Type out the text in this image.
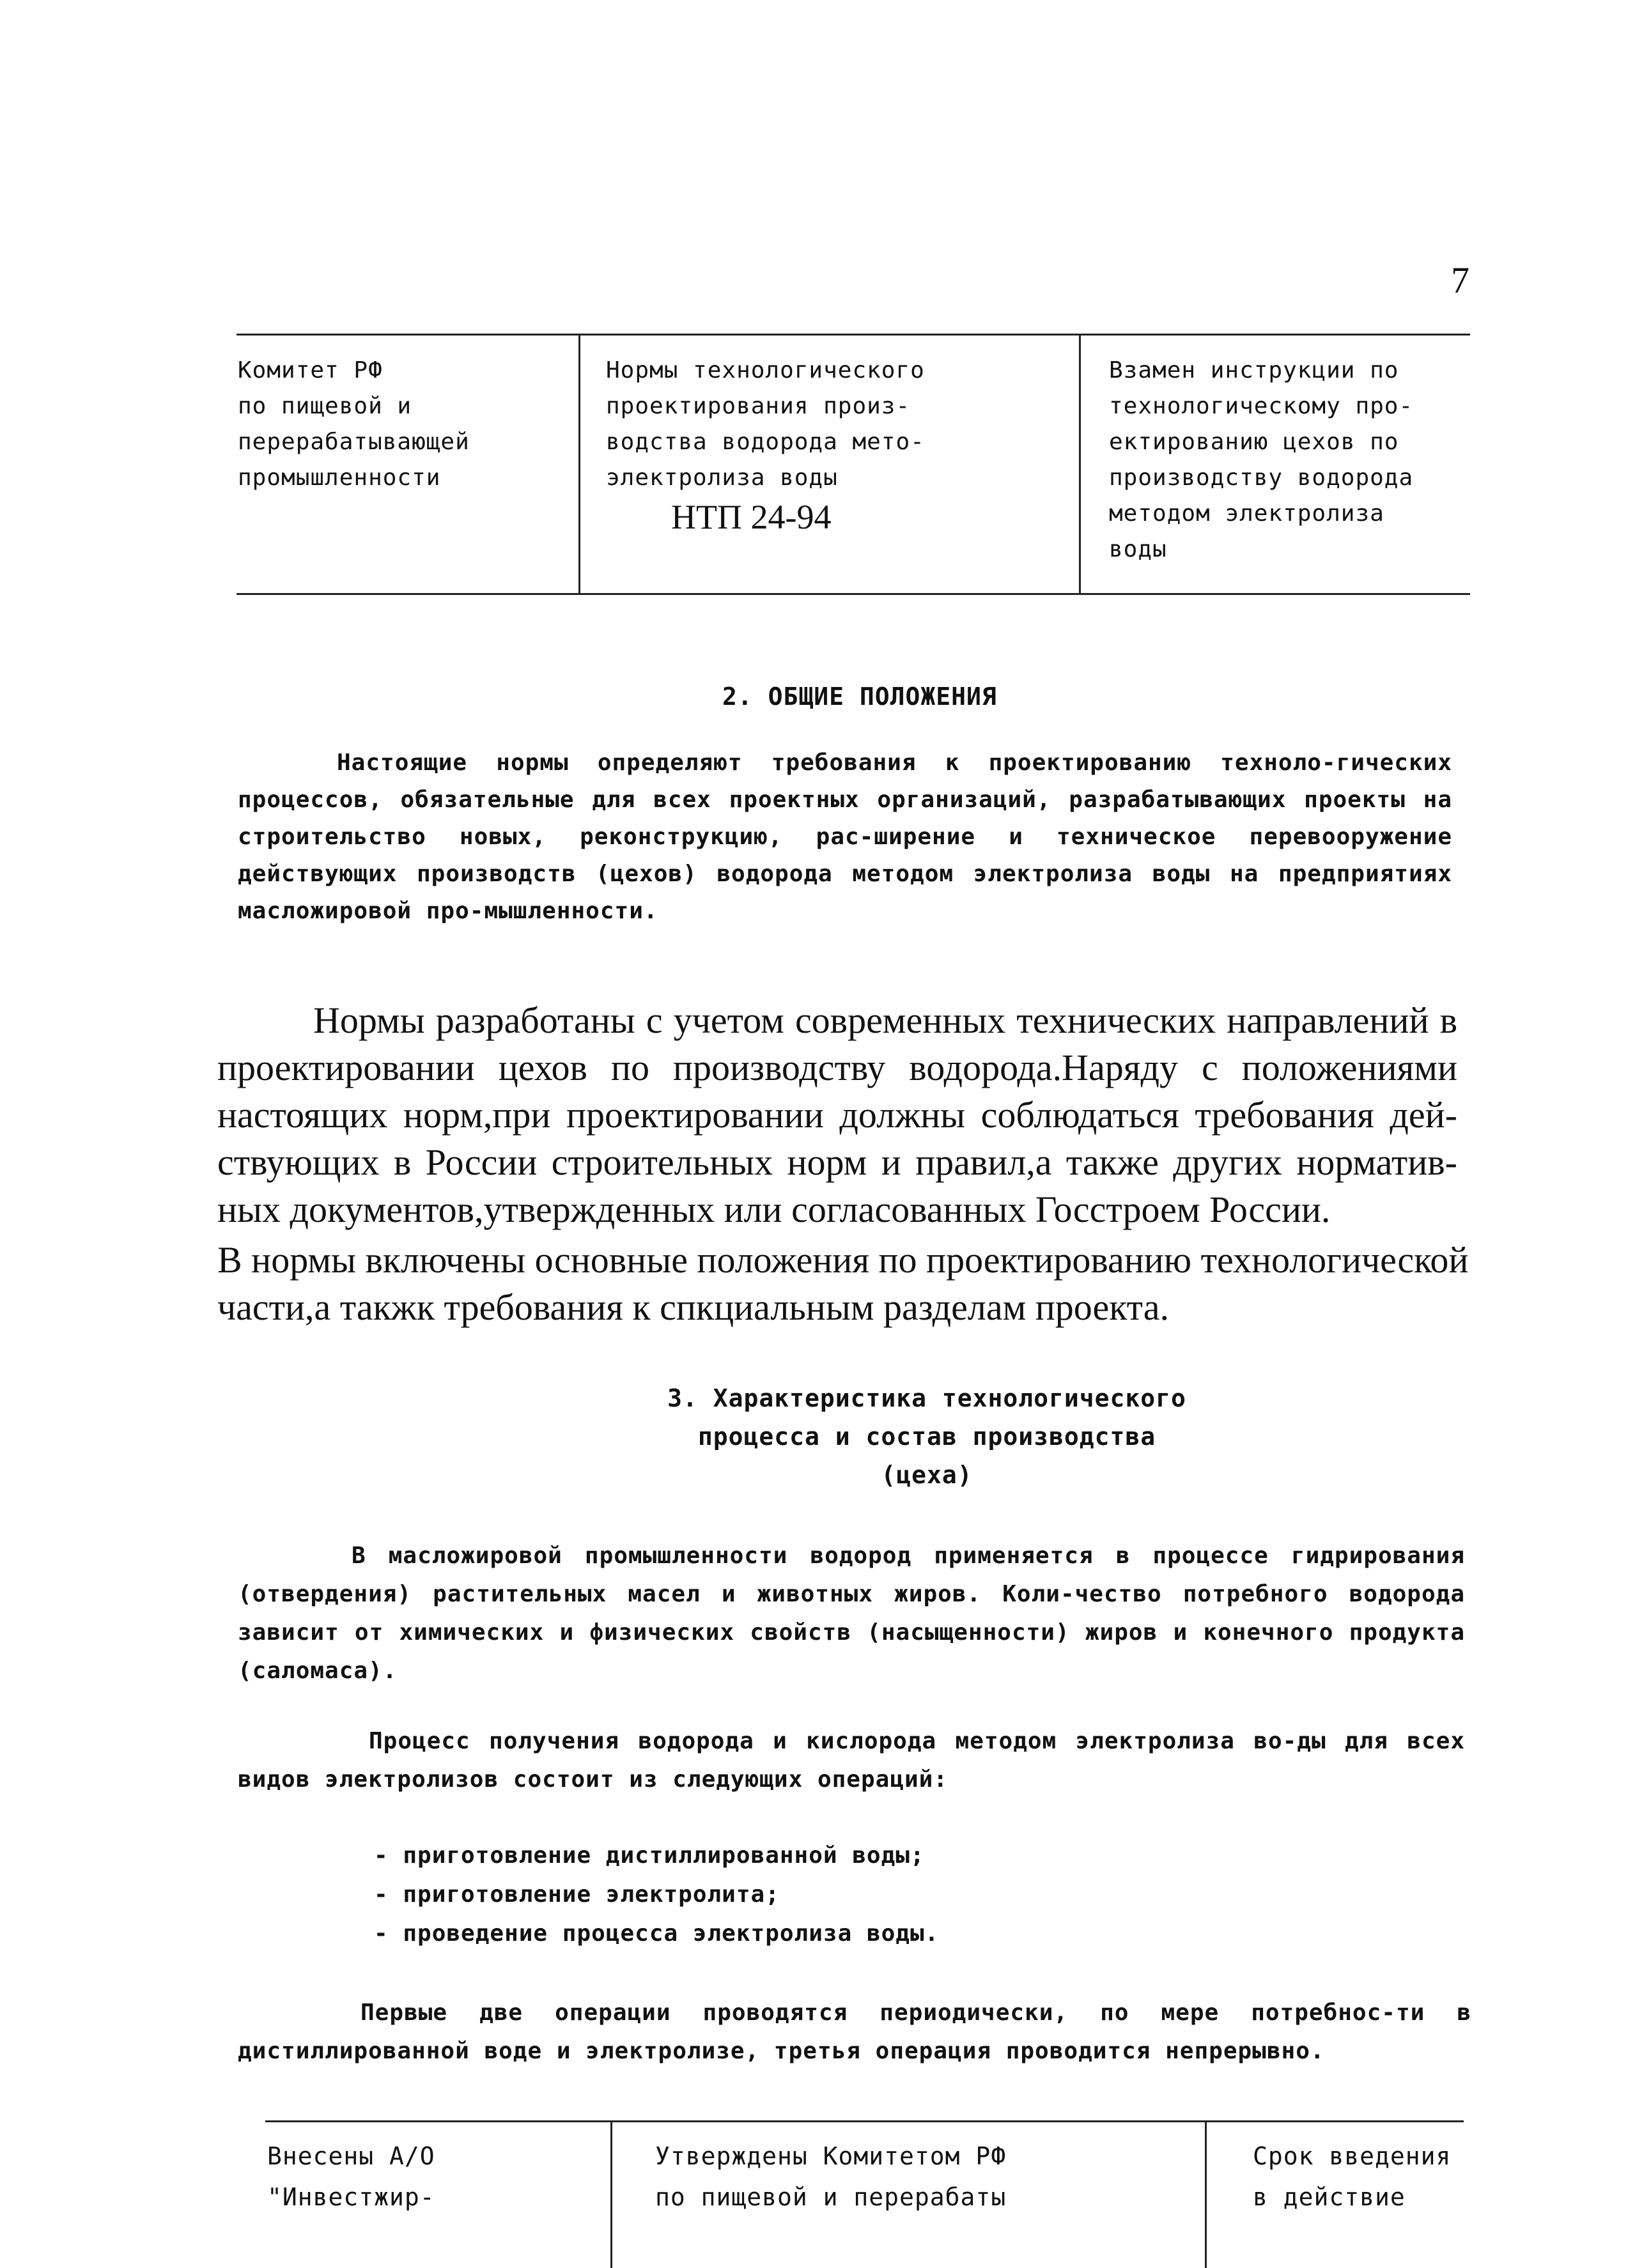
7
Комитет РФ
по пищевой и
перерабатывающей
промышленности
Нормы технологического
проектирования произ-
водства водорода мето-
электролиза воды
НТП 24-94
Взамен инструкции по
технологическому про-
ектированию цехов по
производству водорода
методом электролиза
воды
2. ОБЩИЕ ПОЛОЖЕНИЯ
Настоящие нормы определяют требования к проектированию техноло-гических процессов, обязательные для всех проектных организаций, разрабатывающих проекты на строительство новых, реконструкцию, рас-ширение и техническое перевооружение действующих производств (цехов) водорода методом электролиза воды на предприятиях масложировой про-мышленности.
Нормы разработаны с учетом современных технических направлений в проектировании цехов по производству водорода.Наряду с положениями настоящих норм,при проектировании должны соблюдаться требования дей-ствующих в России строительных норм и правил,а также других норматив-ных документов,утвержденных или согласованных Госстроем России.
В нормы включены основные положения по проектированию технологической части,а такжк требования к спкциальным разделам проекта.
3. Характеристика технологического
процесса и состав производства
(цеха)
В масложировой промышленности водород применяется в процессе гидрирования (отвердения) растительных масел и животных жиров. Коли-чество потребного водорода зависит от химических и физических свойств (насыщенности) жиров и конечного продукта (саломаса).
Процесс получения водорода и кислорода методом электролиза во-ды для всех видов электролизов состоит из следующих операций:
- приготовление дистиллированной воды;
- приготовление электролита;
- проведение процесса электролиза воды.
Первые две операции проводятся периодически, по мере потребнос-ти в дистиллированной воде и электролизе, третья операция проводится непрерывно.
Внесены А/О
"Инвестжир-
Утверждены Комитетом РФ
по пищевой и перерабаты
Срок введения
в действие
